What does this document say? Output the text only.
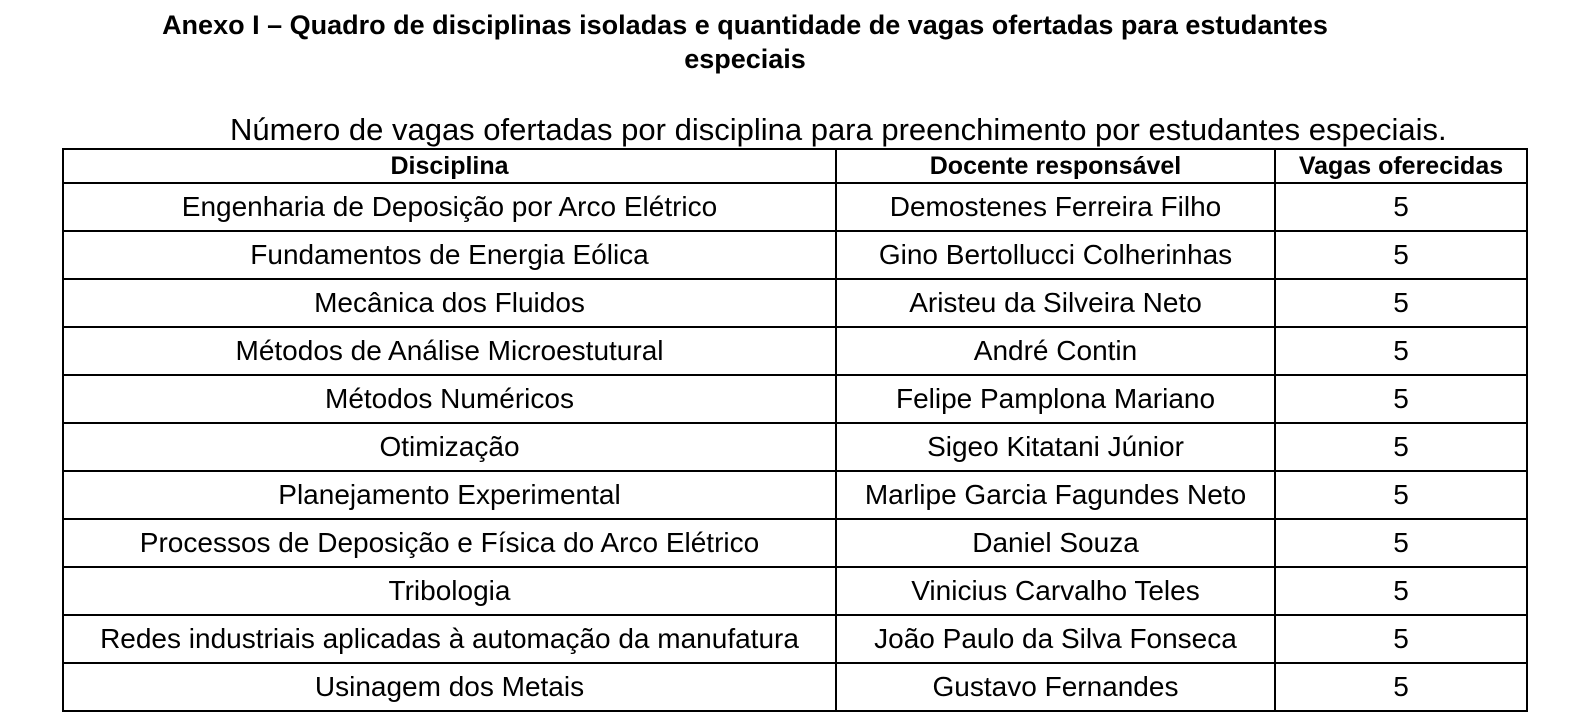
Anexo I – Quadro de disciplinas isoladas e quantidade de vagas ofertadas para estudantes
especiais
Número de vagas ofertadas por disciplina para preenchimento por estudantes especiais.
Disciplina	Docente responsável	Vagas oferecidas
Engenharia de Deposição por Arco Elétrico	Demostenes Ferreira Filho	5
Fundamentos de Energia Eólica	Gino Bertollucci Colherinhas	5
Mecânica dos Fluidos	Aristeu da Silveira Neto	5
Métodos de Análise Microestutural	André Contin	5
Métodos Numéricos	Felipe Pamplona Mariano	5
Otimização	Sigeo Kitatani Júnior	5
Planejamento Experimental	Marlipe Garcia Fagundes Neto	5
Processos de Deposição e Física do Arco Elétrico	Daniel Souza	5
Tribologia	Vinicius Carvalho Teles	5
Redes industriais aplicadas à automação da manufatura	João Paulo da Silva Fonseca	5
Usinagem dos Metais	Gustavo Fernandes	5
